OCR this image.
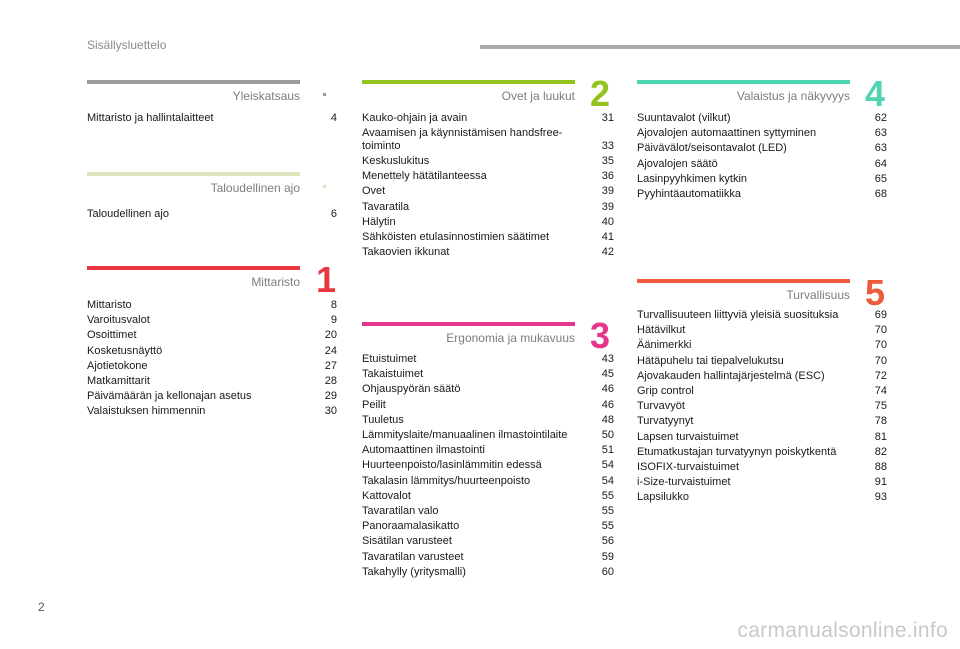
Sisällysluettelo
Yleiskatsaus
Mittaristo ja hallintalaitteet	4
Taloudellinen ajo
Taloudellinen ajo	6
Mittaristo 1
Mittaristo	8
Varoitusvalot	9
Osoittimet	20
Kosketusnäyttö	24
Ajotietokone	27
Matkamittarit	28
Päivämäärän ja kellonajan asetus	29
Valaistuksen himmennin	30
Ovet ja luukut 2
Kauko-ohjain ja avain	31
Avaamisen ja käynnistämisen handsfree-toiminto	33
Keskuslukitus	35
Menettely hätätilanteessa	36
Ovet	39
Tavaratila	39
Hälytin	40
Sähköisten etulasinnostimien säätimet	41
Takaovien ikkunat	42
Ergonomia ja mukavuus 3
Etuistuimet	43
Takaistuimet	45
Ohjauspyörän säätö	46
Peilit	46
Tuuletus	48
Lämmityslaite/manuaalinen ilmastointilaite	50
Automaattinen ilmastointi	51
Huurteenpoisto/lasinlämmitin edessä	54
Takalasin lämmitys/huurteenpoisto	54
Kattovalot	55
Tavaratilan valo	55
Panoraamalasikatto	55
Sisätilan varusteet	56
Tavaratilan varusteet	59
Takahylly (yritysmalli)	60
Valaistus ja näkyvyys 4
Suuntavalot (vilkut)	62
Ajovalojen automaattinen syttyminen	63
Päivävälot/seisontavalot (LED)	63
Ajovalojen säätö	64
Lasinpyyhkimen kytkin	65
Pyyhintäautomatiikka	68
Turvallisuus 5
Turvallisuuteen liittyviä yleisiä suosituksia	69
Hätävilkut	70
Äänimerkki	70
Hätäpuhelu tai tiepalvelukutsu	70
Ajovakauden hallintajärjestelmä (ESC)	72
Grip control	74
Turvavyöt	75
Turvatyynyt	78
Lapsen turvaistuimet	81
Etumatkustajan turvatyynyn poiskytkentä	82
ISOFIX-turvaistuimet	88
i-Size-turvaistuimet	91
Lapsilukko	93
2
carmanualsonline.info
